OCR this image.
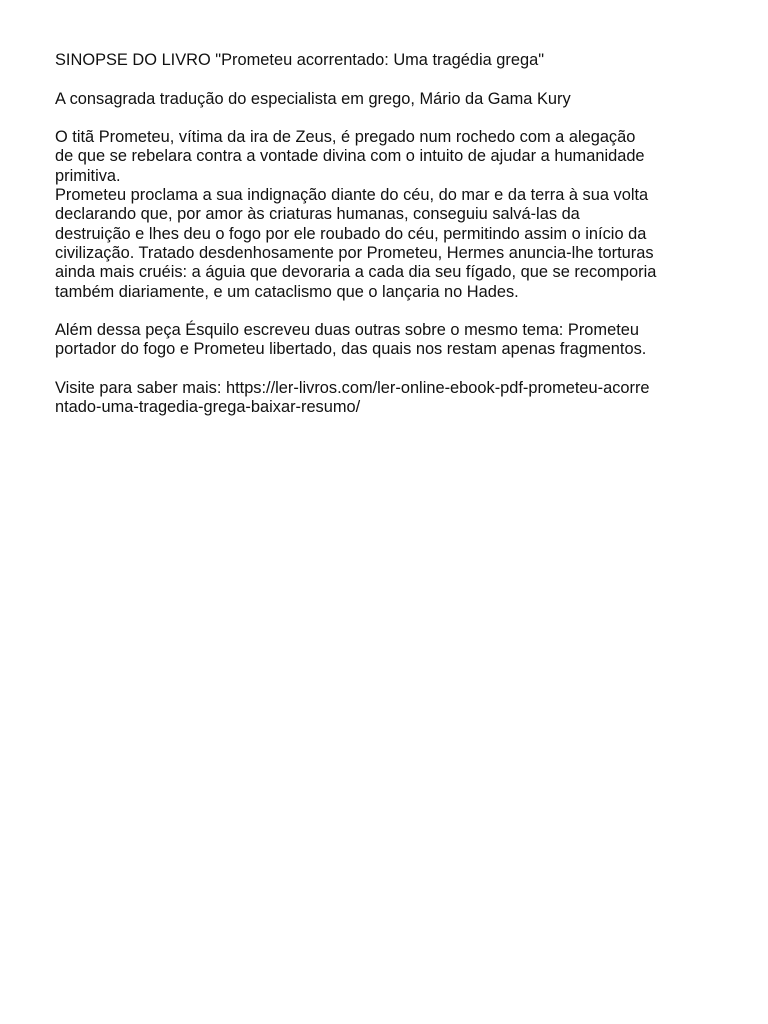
SINOPSE DO LIVRO "Prometeu acorrentado: Uma tragédia grega"

A consagrada tradução do especialista em grego, Mário da Gama Kury

O titã Prometeu, vítima da ira de Zeus, é pregado num rochedo com a alegação
de que se rebelara contra a vontade divina com o intuito de ajudar a humanidade
primitiva.
Prometeu proclama a sua indignação diante do céu, do mar e da terra à sua volta
declarando que, por amor às criaturas humanas, conseguiu salvá-las da
destruição e lhes deu o fogo por ele roubado do céu, permitindo assim o início da
civilização. Tratado desdenhosamente por Prometeu, Hermes anuncia-lhe torturas
ainda mais cruéis: a águia que devoraria a cada dia seu fígado, que se recomporia
também diariamente, e um cataclismo que o lançaria no Hades.

Além dessa peça Ésquilo escreveu duas outras sobre o mesmo tema: Prometeu
portador do fogo e Prometeu libertado, das quais nos restam apenas fragmentos.

Visite para saber mais: https://ler-livros.com/ler-online-ebook-pdf-prometeu-acorre
ntado-uma-tragedia-grega-baixar-resumo/
